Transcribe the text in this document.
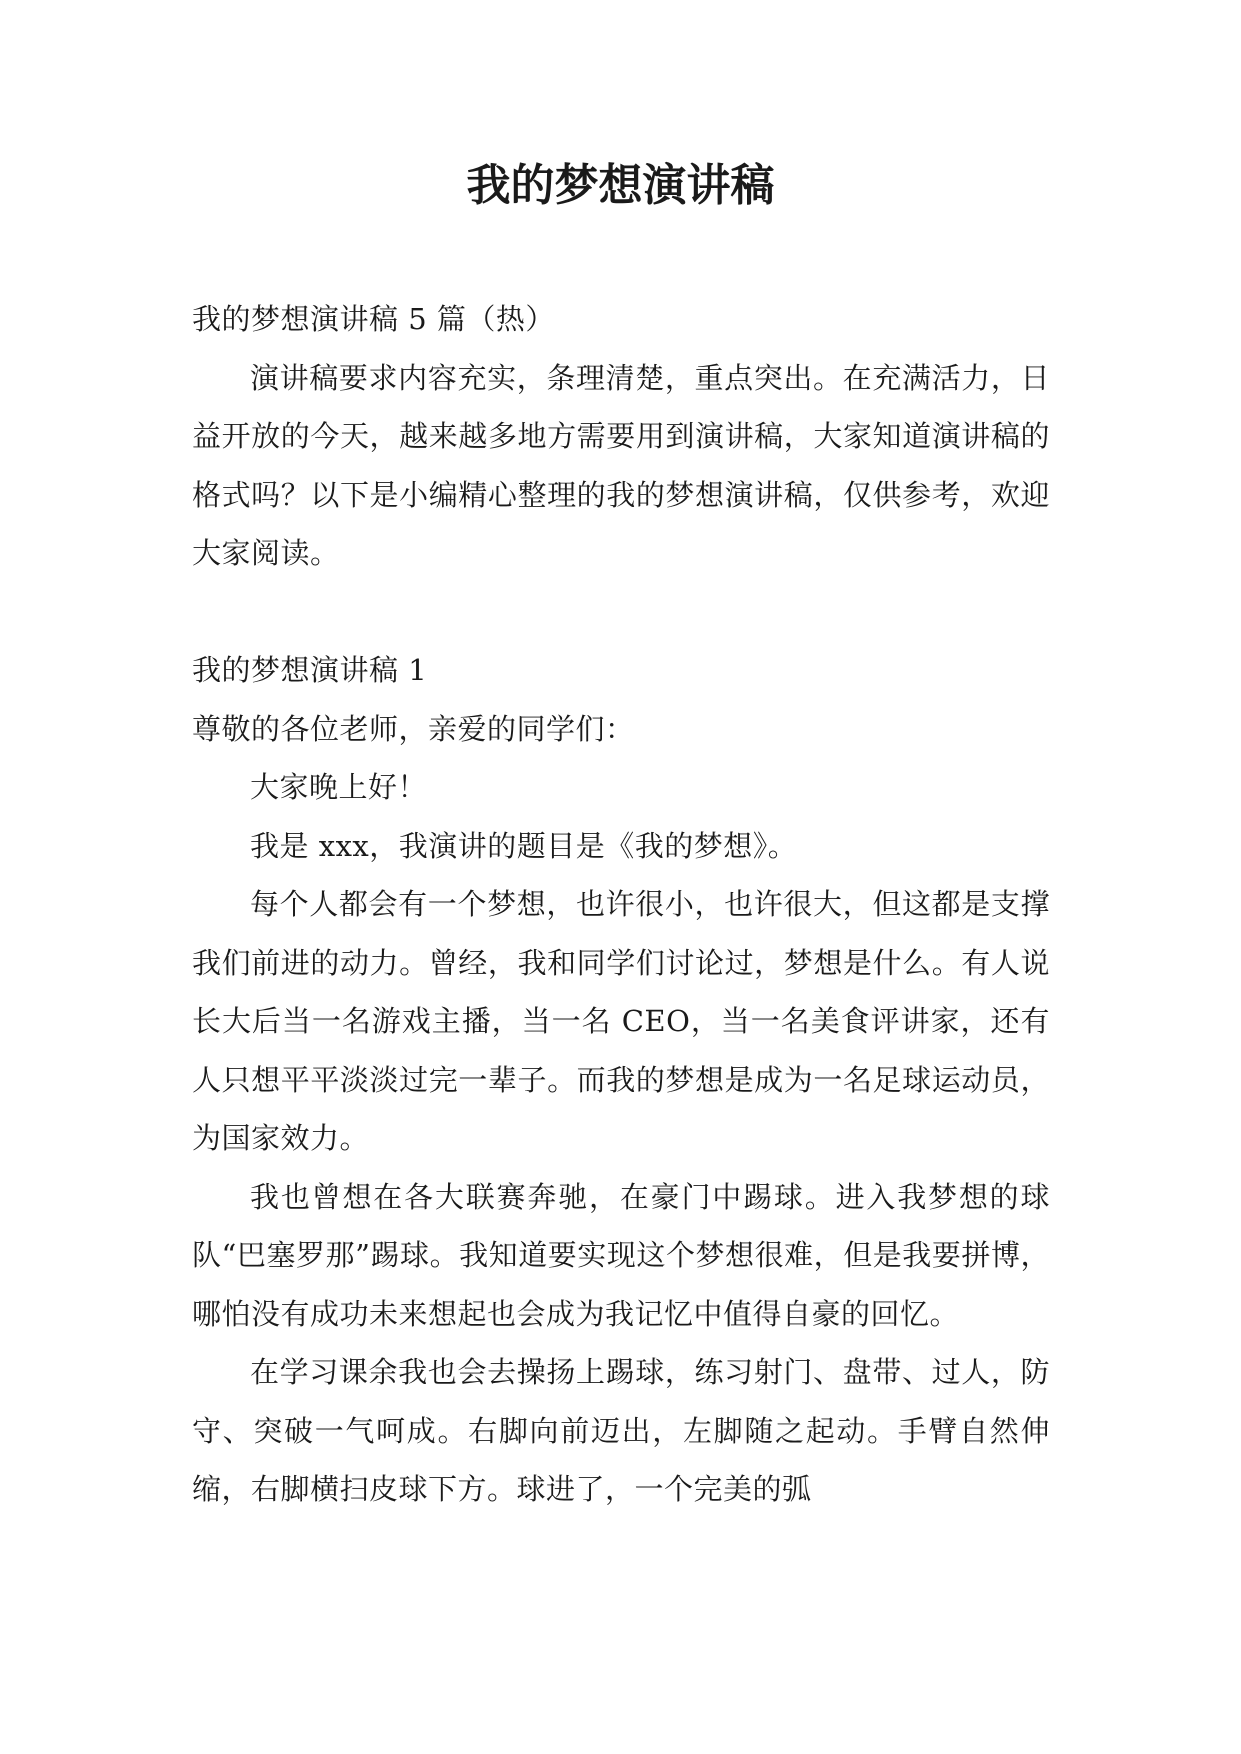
我的梦想演讲稿

我的梦想演讲稿 5 篇（热）

演讲稿要求内容充实，条理清楚，重点突出。在充满活力，日益开放的今天，越来越多地方需要用到演讲稿，大家知道演讲稿的格式吗？以下是小编精心整理的我的梦想演讲稿，仅供参考，欢迎大家阅读。

我的梦想演讲稿 1

尊敬的各位老师，亲爱的同学们：

大家晚上好！

我是 xxx，我演讲的题目是《我的梦想》。

每个人都会有一个梦想，也许很小，也许很大，但这都是支撑我们前进的动力。曾经，我和同学们讨论过，梦想是什么。有人说长大后当一名游戏主播，当一名 CEO，当一名美食评讲家，还有人只想平平淡淡过完一辈子。而我的梦想是成为一名足球运动员，为国家效力。

我也曾想在各大联赛奔驰，在豪门中踢球。进入我梦想的球队“巴塞罗那”踢球。我知道要实现这个梦想很难，但是我要拼博，哪怕没有成功未来想起也会成为我记忆中值得自豪的回忆。

在学习课余我也会去操扬上踢球，练习射门、盘带、过人，防守、突破一气呵成。右脚向前迈出，左脚随之起动。手臂自然伸缩，右脚横扫皮球下方。球进了，一个完美的弧
